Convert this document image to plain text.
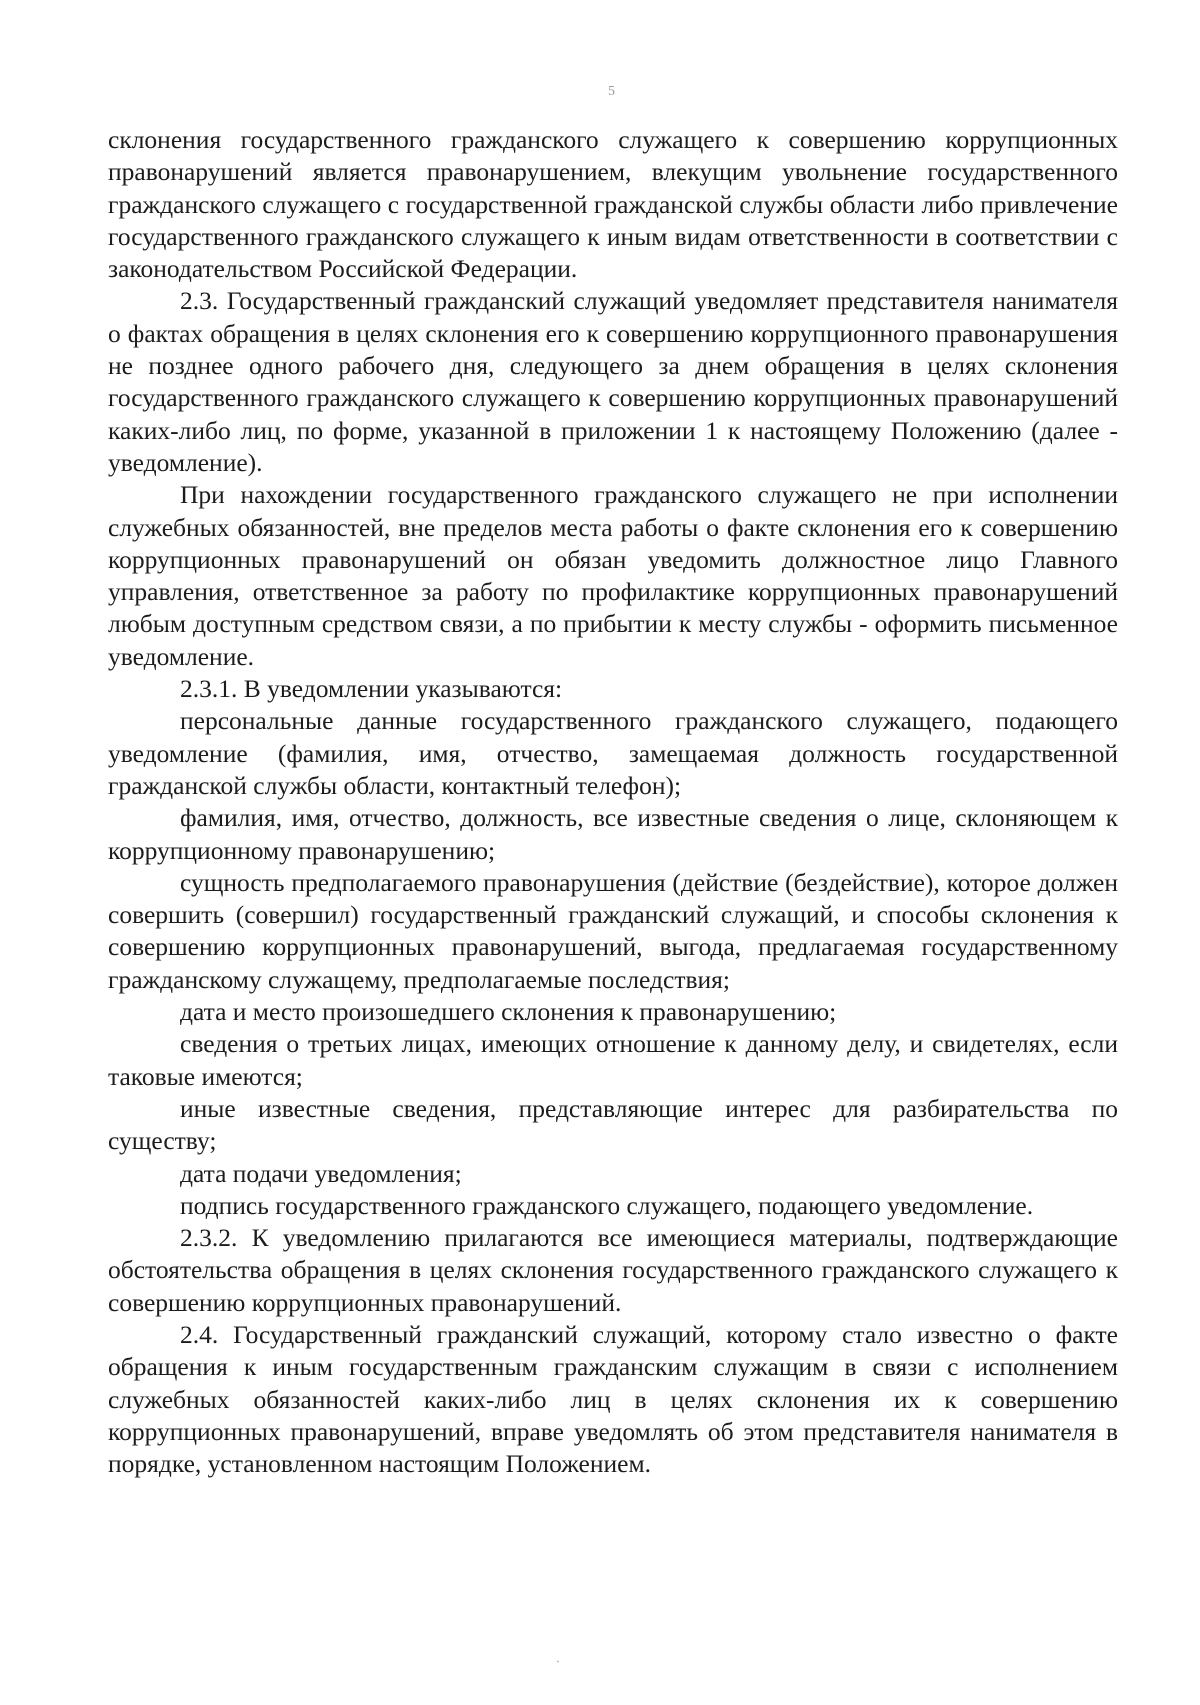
5

склонения государственного гражданского служащего к совершению коррупционных правонарушений является правонарушением, влекущим увольнение государственного гражданского служащего с государственной гражданской службы области либо привлечение государственного гражданского служащего к иным видам ответственности в соответствии с законодательством Российской Федерации.

2.3. Государственный гражданский служащий уведомляет представителя нанимателя о фактах обращения в целях склонения его к совершению коррупционного правонарушения не позднее одного рабочего дня, следующего за днем обращения в целях склонения государственного гражданского служащего к совершению коррупционных правонарушений каких-либо лиц, по форме, указанной в приложении 1 к настоящему Положению (далее - уведомление).

При нахождении государственного гражданского служащего не при исполнении служебных обязанностей, вне пределов места работы о факте склонения его к совершению коррупционных правонарушений он обязан уведомить должностное лицо Главного управления, ответственное за работу по профилактике коррупционных правонарушений любым доступным средством связи, а по прибытии к месту службы - оформить письменное уведомление.

2.3.1. В уведомлении указываются:

персональные данные государственного гражданского служащего, подающего уведомление (фамилия, имя, отчество, замещаемая должность государственной гражданской службы области, контактный телефон);

фамилия, имя, отчество, должность, все известные сведения о лице, склоняющем к коррупционному правонарушению;

сущность предполагаемого правонарушения (действие (бездействие), которое должен совершить (совершил) государственный гражданский служащий, и способы склонения к совершению коррупционных правонарушений, выгода, предлагаемая государственному гражданскому служащему, предполагаемые последствия;

дата и место произошедшего склонения к правонарушению;

сведения о третьих лицах, имеющих отношение к данному делу, и свидетелях, если таковые имеются;

иные известные сведения, представляющие интерес для разбирательства по существу;

дата подачи уведомления;

подпись государственного гражданского служащего, подающего уведомление.

2.3.2. К уведомлению прилагаются все имеющиеся материалы, подтверждающие обстоятельства обращения в целях склонения государственного гражданского служащего к совершению коррупционных правонарушений.

2.4. Государственный гражданский служащий, которому стало известно о факте обращения к иным государственным гражданским служащим в связи с исполнением служебных обязанностей каких-либо лиц в целях склонения их к совершению коррупционных правонарушений, вправе уведомлять об этом представителя нанимателя в порядке, установленном настоящим Положением.

ˋ
